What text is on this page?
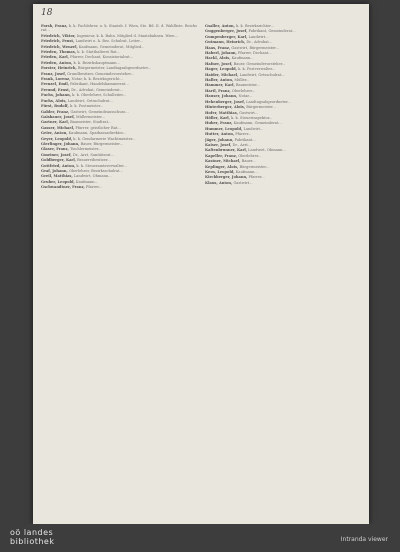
18

Forsh, Franz, k. k. Fachlehrer, u. k. Staatsb. f. Wien, Ste. Bd. II. d. Wahlliste. Reichsrat...

Friedrich, Viktor, Ingenieur, k. k. Bahn. Mitglied d. Staatsbahnen. Wien...

Friedrich, Fenst, Landwirt u. k. Bez. Schulrat, Leiter...

Friedrich, Wenzel, Kaufmann, Gemeinderat, Mitglied...

Frieden, Thomas, k. k. Statthalterei Rat...

Frieden, Karl, Pfarrer, Dechant, Konsistorialrat...

Frieden, Anton, k. k. Bezirkshauptmann...

Forster, Heinrich, Bürgermeister, Landtagsabgeordneter...

Franz, Josef, Grundbesitzer, Gemeindevorsteher...

Frank, Lorenz, Notar, k. k. Bezirksgericht...

Frenzel, Emil, Fabrikant, Handelskammerrat...

Freund, Ernst, Dr., Advokat, Gemeinderat...

Fuchs, Johann, k. k. Oberlehrer, Schulleiter...

Fuchs, Alois, Landwirt, Ortsschulrat...

Fürst, Rudolf, k. k. Postmeister...

Gabler, Franz, Gastwirt, Gemeindeausschuss...

Gaisbauer, Josef, Müllermeister...

Gartner, Karl, Baumeister, Stadtrat...

Gasser, Michael, Pfarrer, geistlicher Rat...

Geier, Anton, Kaufmann, Sparkassadirektor...

Geyer, Leopold, k. k. Gendarmerie Wachtmeister...

Gierlinger, Johann, Bauer, Bürgermeister...

Glaser, Franz, Tischlermeister...

Gmeiner, Josef, Dr., Arzt, Sanitätsrat...

Goldberger, Karl, Brauereibesitzer...

Gottfried, Anton, k. k. Steueramtsverwalter...

Graf, Johann, Oberlehrer, Bezirksschulrat...

Greil, Matthias, Landwirt, Obmann...

Gruber, Leopold, Kaufmann...

Gschwandtner, Franz, Pfarrer...

Gsaller, Anton, k. k. Bezirksrichter...

Guggenberger, Josef, Fabrikant, Gemeinderat...

Gumpenberger, Karl, Landwirt...

Gutmann, Heinrich, Dr., Advokat...

Haas, Franz, Gastwirt, Bürgermeister...

Haberl, Johann, Pfarrer, Dechant...

Hackl, Alois, Kaufmann...

Hafner, Josef, Bauer, Gemeindevorsteher...

Hager, Leopold, k. k. Postverwalter...

Haider, Michael, Landwirt, Ortsschulrat...

Haller, Anton, Müller...

Hammer, Karl, Baumeister...

Hartl, Franz, Oberlehrer...

Hauser, Johann, Notar...

Hehenberger, Josef, Landtagsabgeordneter...

Hinterberger, Alois, Bürgermeister...

Hofer, Matthias, Gastwirt...

Höller, Karl, k. k. Steuerinspektor...

Huber, Franz, Kaufmann, Gemeinderat...

Hummer, Leopold, Landwirt...

Hutter, Anton, Pfarrer...

Jäger, Johann, Fabrikant...

Kaiser, Josef, Dr., Arzt...

Kaltenbrunner, Karl, Landwirt, Obmann...

Kapeller, Franz, Oberlehrer...

Kastner, Michael, Bauer...

Keplinger, Alois, Bürgermeister...

Kern, Leopold, Kaufmann...

Kirchberger, Johann, Pfarrer...

Klaus, Anton, Gastwirt...

oö landes
bibliothek	Intranda viewer
